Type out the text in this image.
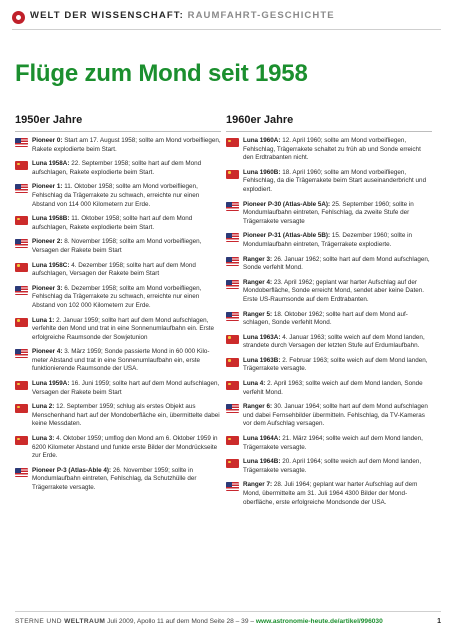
WELT DER WISSENSCHAFT: RAUMFAHRT-GESCHICHTE
Flüge zum Mond seit 1958
1950er Jahre
Pioneer 0 : Start am 17. August 1958; sollte am Mond vorbeifliegen, Rakete explodierte beim Start.
Luna 1958A : 22. September 1958; sollte hart auf dem Mond aufschlagen, Rakete explodierte beim Start.
Pioneer 1 : 11. Oktober 1958; sollte am Mond vorbeifliegen, Fehlschlag da Trägerrakete zu schwach, erreichte nur einen Abstand von 114 000 Kilometern zur Erde.
Luna 1958B : 11. Oktober 1958; sollte hart auf dem Mond aufschlagen, Rakete explodierte beim Start.
Pioneer 2 : 8. November 1958; sollte am Mond vorbeifliegen, Versagen der Rakete beim Start
Luna 1958C : 4. Dezember 1958; sollte hart auf dem Mond aufschlagen, Versagen der Rakete beim Start
Pioneer 3 : 6. Dezember 1958; sollte am Mond vorbeifliegen, Fehlschlag da Trägerrakete zu schwach, erreichte nur einen Abstand von 102 000 Kilometern zur Erde.
Luna 1 : 2. Januar 1959; sollte hart auf dem Mond aufschlagen, verfehlte den Mond und trat in eine Sonnenumlaufbahn ein. Erste erfolgreiche Raumsonde der Sowjetunion
Pioneer 4 : 3. März 1959; Sonde passierte Mond in 60 000 Kilometer Abstand und trat in eine Sonnenumlaufbahn ein, erste funktionierende Raumsonde der USA.
Luna 1959A : 16. Juni 1959; sollte hart auf dem Mond aufschlagen, Versagen der Rakete beim Start
Luna 2 : 12. September 1959; schlug als erstes Objekt aus Menschenhand hart auf der Mondoberfläche ein, übermittelte dabei keine Messdaten.
Luna 3 : 4. Oktober 1959; umflog den Mond am 6. Oktober 1959 in 6200 Kilometer Abstand und funkte erste Bilder der Mondrückseite zur Erde.
Pioneer P-3 (Atlas-Able 4) : 26. November 1959; sollte in Mondumlaufbahn eintreten, Fehlschlag, da Schutzhülle der Trägerrakete versagte.
1960er Jahre
Luna 1960A : 12. April 1960; sollte am Mond vorbeifliegen, Fehlschlag, Trägerrakete schaltet zu früh ab und Sonde erreicht den Erdtrabanten nicht.
Luna 1960B : 18. April 1960; sollte am Mond vorbeifliegen, Fehlschlag, da die Trägerrakete beim Start auseinanderbricht und explodiert.
Pioneer P-30 (Atlas-Able 5A) : 25. September 1960; sollte in Mondumlaufbahn eintreten, Fehlschlag, da zweite Stufe der Trägerrakete versagte
Pioneer P-31 (Atlas-Able 5B) : 15. Dezember 1960; sollte in Mondumlaufbahn eintreten, Trägerrakete explodierte.
Ranger 3 : 26. Januar 1962; sollte hart auf dem Mond aufschlagen, Sonde verfehlt Mond.
Ranger 4 : 23. April 1962; geplant war harter Aufschlag auf der Mondoberfläche, Sonde erreicht Mond, sendet aber keine Daten. Erste US-Raumsonde auf dem Erdtrabanten.
Ranger 5 : 18. Oktober 1962; sollte hart auf dem Mond aufschlagen, Sonde verfehlt Mond.
Luna 1963A : 4. Januar 1963; sollte weich auf dem Mond landen, strandete durch Versagen der letzten Stufe auf Erdumlaufbahn.
Luna 1963B : 2. Februar 1963; sollte weich auf dem Mond landen, Trägerrakete versagte.
Luna 4 : 2. April 1963; sollte weich auf dem Mond landen, Sonde verfehlt Mond.
Ranger 6 : 30. Januar 1964; sollte hart auf dem Mond aufschlagen und dabei Fernsehbilder übermitteln. Fehlschlag, da TV-Kameras vor dem Aufschlag versagen.
Luna 1964A : 21. März 1964; sollte weich auf dem Mond landen, Trägerrakete versagte.
Luna 1964B : 20. April 1964; sollte weich auf dem Mond landen, Trägerrakete versagte.
Ranger 7 : 28. Juli 1964; geplant war harter Aufschlag auf dem Mond, übermittelte am 31. Juli 1964 4300 Bilder der Mondoberfläche, erste erfolgreiche Mondsonde der USA.
STERNE UND WELTRAUM Juli 2009, Apollo 11 auf dem Mond Seite 28 – 39 – www.astronomie-heute.de/artikel/996030	1
